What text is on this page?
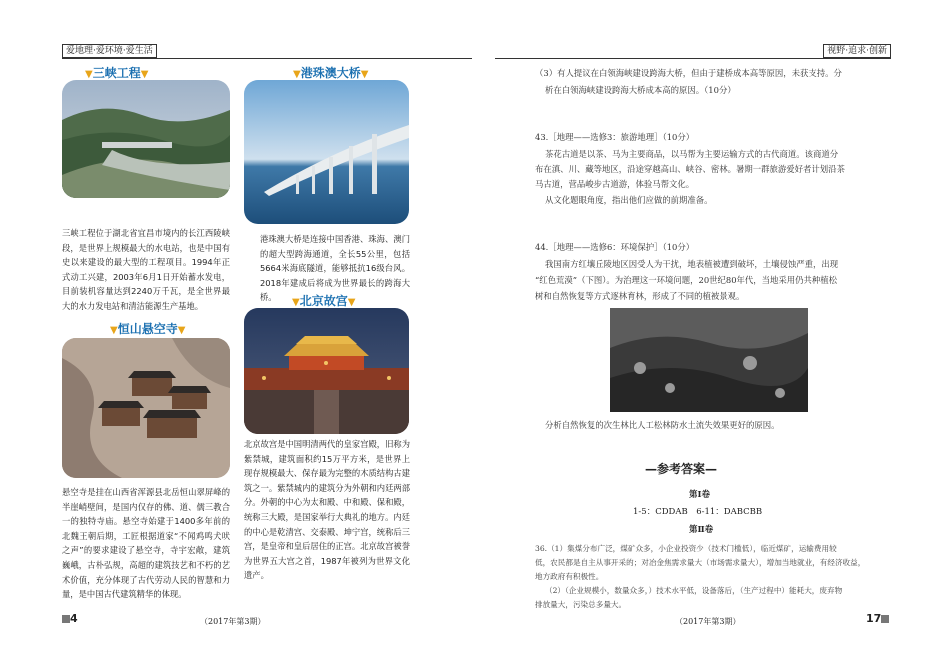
爱地理·爱环境·爱生活
▼三峡工程▼	▼港珠澳大桥▼
三峡工程位于湖北省宜昌市境内的长江西陵峡段，是世界上规模最大的水电站，也是中国有史以来建设的最大型的工程项目。1994年正式动工兴建，2003年6月1日开始蓄水发电，目前装机容量达到2240万千瓦，是全世界最大的水力发电站和清洁能源生产基地。
港珠澳大桥是连接中国香港、珠海、澳门的超大型跨海通道，全长55公里，包括5664米海底隧道，能够抵抗16级台风。2018年建成后将成为世界最长的跨海大桥。
▼恒山悬空寺▼
▼北京故宫▼
北京故宫是中国明清两代的皇家宫殿，旧称为紫禁城，建筑面积约15万平方米，是世界上现存规模最大、保存最为完整的木质结构古建筑之一。紫禁城内的建筑分为外朝和内廷两部分。外朝的中心为太和殿、中和殿、保和殿，统称三大殿，是国家举行大典礼的地方。内廷的中心是乾清宫、交泰殿、坤宁宫，统称后三宫，是皇帝和皇后居住的正宫。北京故宫被誉为世界五大宫之首，1987年被列为世界文化遗产。
悬空寺是挂在山西省浑源县北岳恒山翠屏峰的半崖峭壁间，是国内仅存的佛、道、儒三教合一的独特寺庙。悬空寺始建于1400多年前的北魏王朝后期，工匠根据道家“不闻鸡鸣犬吠之声”的要求建设了悬空寺，寺宇宏敞，建筑巍峨，古朴弘规，高超的建筑技艺和不朽的艺术价值，充分体现了古代劳动人民的智慧和力量，是中国古代建筑精华的体现。
4	（2017年第3期）
视野·追求·创新
（3）有人提议在白领海峡建设跨海大桥，但由于建桥成本高等原因，未获支持。分
析在白领海峡建设跨海大桥成本高的原因。（10分）
43.［地理——选修3：旅游地理］（10分）
茶花古道是以茶、马为主要商品，以马帮为主要运输方式的古代商道。该商道分
布在滇、川、藏等地区，沿途穿越高山、峡谷、密林。暑期一群旅游爱好者计划沿茶
马古道，营品峻步古道游，体验马帮文化。
从文化题眼角度，指出他们应做的前期准备。
44.［地理——选修6：环境保护］（10分）
我国南方红壤丘陵地区因受人为干扰，地表植被遭到破坏，土壤侵蚀严重，出现
“红色荒漠”（下图）。为治理这一环境问题，20世纪80年代，当地采用仍共种植松
树和自然恢复等方式逐林育林，形成了不同的植被景观。
分析自然恢复的次生林比人工松林防水土流失效果更好的原因。
—参考答案—
第Ⅰ卷
1-5：CDDAB　6-11：DABCBB
第Ⅱ卷
36.（1）集煤分布广泛，煤矿众多，小企业投资少（技术门槛低），临近煤矿，运输费用较
低，农民都是自主从事开采的；对冶金焦需求量大（市场需求量大），增加当地就业，有经济收益，
地方政府有积极性。
（2）（企业规模小，数量众多，）技术水平低，设备落后，（生产过程中）能耗大，废弃物
排放量大，污染总多量大。
（2017年第3期）	17
